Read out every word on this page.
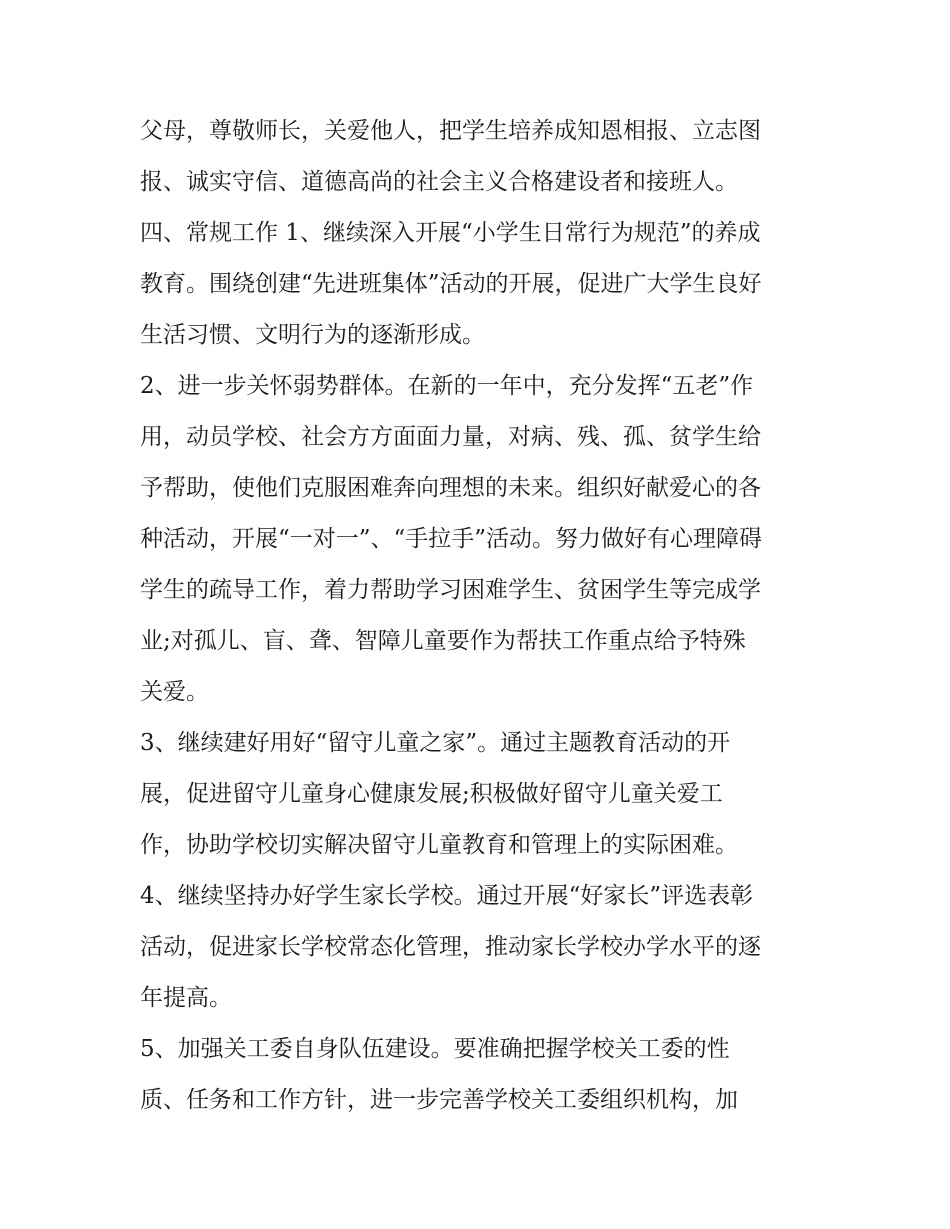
父母，尊敬师长，关爱他人，把学生培养成知恩相报、立志图
报、诚实守信、道德高尚的社会主义合格建设者和接班人。
四、常规工作 1、继续深入开展“小学生日常行为规范”的养成
教育。围绕创建“先进班集体”活动的开展，促进广大学生良好
生活习惯、文明行为的逐渐形成。
2、进一步关怀弱势群体。在新的一年中，充分发挥“五老”作
用，动员学校、社会方方面面力量，对病、残、孤、贫学生给
予帮助，使他们克服困难奔向理想的未来。组织好献爱心的各
种活动，开展“一对一”、“手拉手”活动。努力做好有心理障碍
学生的疏导工作，着力帮助学习困难学生、贫困学生等完成学
业;对孤儿、盲、聋、智障儿童要作为帮扶工作重点给予特殊
关爱。
3、继续建好用好“留守儿童之家”。通过主题教育活动的开
展，促进留守儿童身心健康发展;积极做好留守儿童关爱工
作，协助学校切实解决留守儿童教育和管理上的实际困难。
4、继续坚持办好学生家长学校。通过开展“好家长”评选表彰
活动，促进家长学校常态化管理，推动家长学校办学水平的逐
年提高。
5、加强关工委自身队伍建设。要准确把握学校关工委的性
质、任务和工作方针，进一步完善学校关工委组织机构，加
